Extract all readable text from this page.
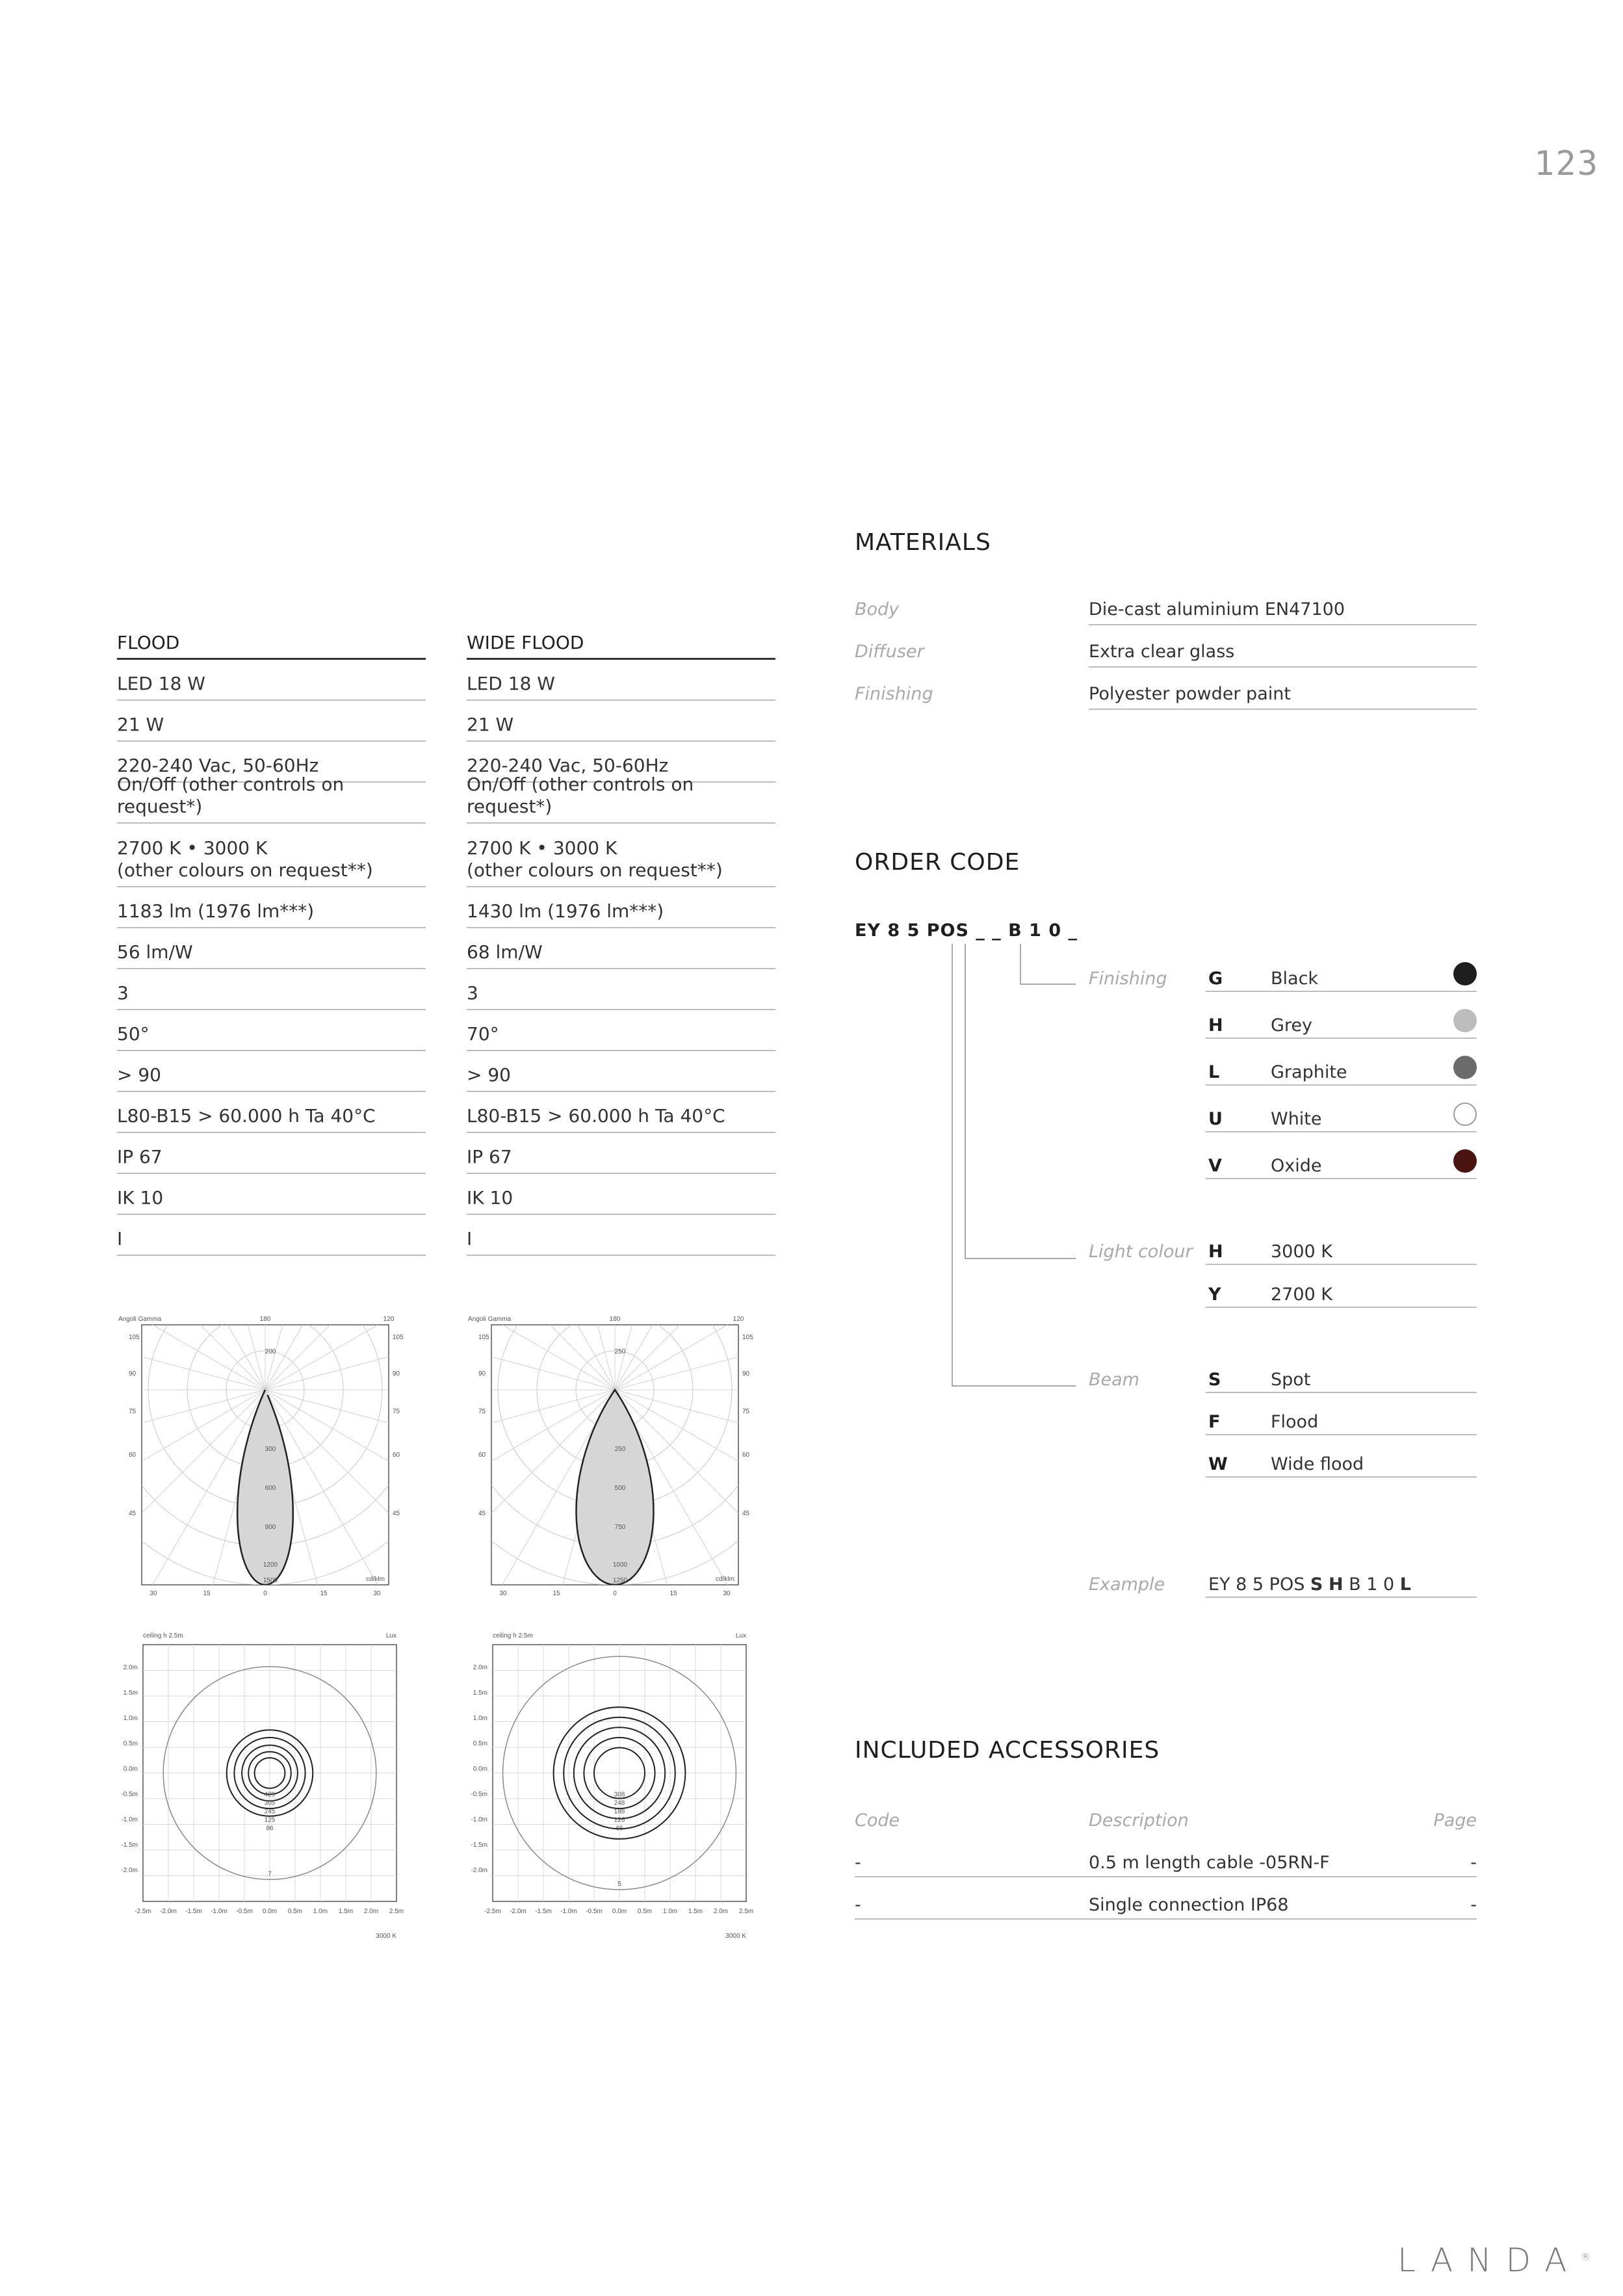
123
FLOOD
LED 18 W
21 W
220-240 Vac, 50-60Hz
On/Off (other controls on request*)
2700 K • 3000 K
(other colours on request**)
1183 lm (1976 lm***)
56 lm/W
3
50°
> 90
L80-B15 > 60.000 h Ta 40°C
IP 67
IK 10
I
WIDE FLOOD
LED 18 W
21 W
220-240 Vac, 50-60Hz
On/Off (other controls on request*)
2700 K • 3000 K
(other colours on request**)
1430 lm (1976 lm***)
68 lm/W
3
70°
> 90
L80-B15 > 60.000 h Ta 40°C
IP 67
IK 10
I
Angoli Gamma	180	120
105
90
75
60
45
105
90
75
60
45
30	15	0	15	30
200
300
600
900
1200
1500	cd/klm
Angoli Gamma	180	120
105
90
75
60
45
105
90
75
60
45
30	15	0	15	30
250
250
500
750
1000
1250	cd/klm
ceiling h 2.5m	Lux
429
305
245
125
86
7
2.0m
1.5m
1.0m
0.5m
0.0m
-0.5m
-1.0m
-1.5m
-2.0m
-2.5m -2.0m -1.5m -1.0m -0.5m 0.0m 0.5m 1.0m 1.5m 2.0m 2.5m
3000 K
ceiling h 2.5m	Lux
308
248
188
126
66
5
2.0m
1.5m
1.0m
0.5m
0.0m
-0.5m
-1.0m
-1.5m
-2.0m
-2.5m -2.0m -1.5m -1.0m -0.5m 0.0m 0.5m 1.0m 1.5m 2.0m 2.5m
3000 K
MATERIALS
Body	Die-cast aluminium EN47100
Diffuser	Extra clear glass
Finishing	Polyester powder paint
ORDER CODE
EY 8 5 POS _ _ B 1 0 _
Finishing G	Black
H	Grey
L	Graphite
U	White
V	Oxide
Light colour H	3000 K
Y	2700 K
Beam	S	Spot
F	Flood
W Wide flood
Example EY 8 5 POS S H B 1 0 L
INCLUDED ACCESSORIES
Code	Description	Page
-	0.5 m length cable -05RN-F	-
-	Single connection IP68	-
LANDA®
